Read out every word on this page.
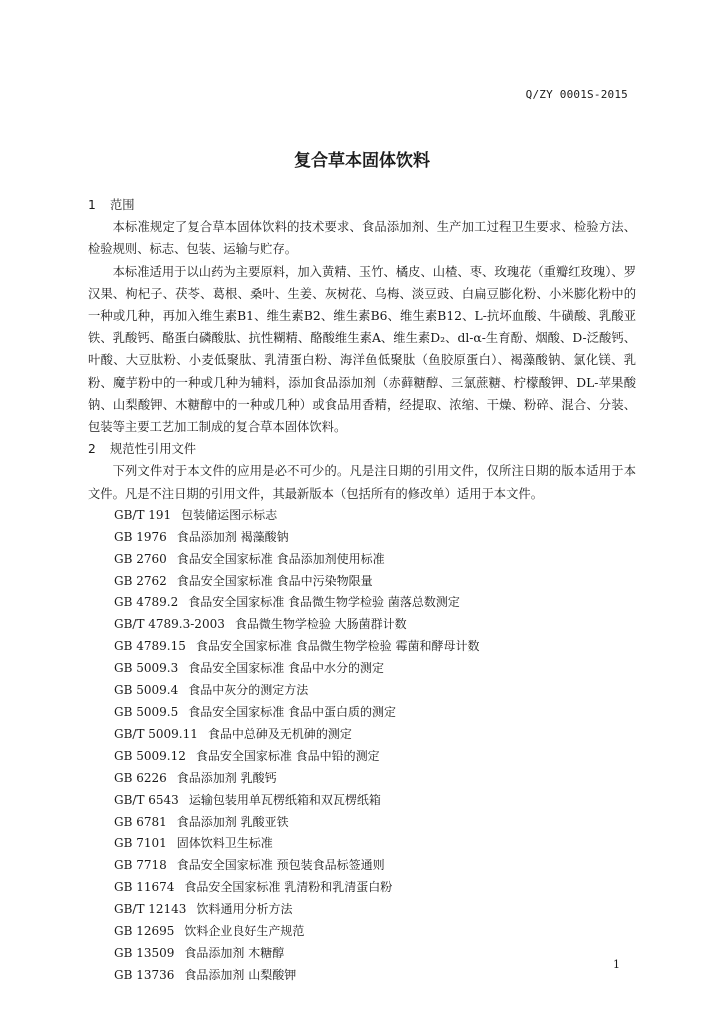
Q/ZY 0001S-2015
复合草本固体饮料
1 范围

本标准规定了复合草本固体饮料的技术要求、食品添加剂、生产加工过程卫生要求、检验方法、检验规则、标志、包装、运输与贮存。

本标准适用于以山药为主要原料，加入黄精、玉竹、橘皮、山楂、枣、玫瑰花（重瓣红玫瑰）、罗汉果、枸杞子、茯苓、葛根、桑叶、生姜、灰树花、乌梅、淡豆豉、白扁豆膨化粉、小米膨化粉中的一种或几种，再加入维生素B1、维生素B2、维生素B6、维生素B12、L-抗坏血酸、牛磺酸、乳酸亚铁、乳酸钙、酪蛋白磷酸肽、抗性糊精、酪酸维生素A、维生素D₂、dl-α-生育酚、烟酸、D-泛酸钙、叶酸、大豆肽粉、小麦低聚肽、乳清蛋白粉、海洋鱼低聚肽（鱼胶原蛋白）、褐藻酸钠、氯化镁、乳粉、魔芋粉中的一种或几种为辅料，添加食品添加剂（赤藓糖醇、三氯蔗糖、柠檬酸钾、DL-苹果酸钠、山梨酸钾、木糖醇中的一种或几种）或食品用香精，经提取、浓缩、干燥、粉碎、混合、分装、包装等主要工艺加工制成的复合草本固体饮料。

2 规范性引用文件

下列文件对于本文件的应用是必不可少的。凡是注日期的引用文件，仅所注日期的版本适用于本文件。凡是不注日期的引用文件，其最新版本（包括所有的修改单）适用于本文件。

GB/T 191 包装储运图示标志
GB 1976 食品添加剂 褐藻酸钠
GB 2760 食品安全国家标准 食品添加剂使用标准
GB 2762 食品安全国家标准 食品中污染物限量
GB 4789.2 食品安全国家标准 食品微生物学检验 菌落总数测定
GB/T 4789.3-2003 食品微生物学检验 大肠菌群计数
GB 4789.15 食品安全国家标准 食品微生物学检验 霉菌和酵母计数
GB 5009.3 食品安全国家标准 食品中水分的测定
GB 5009.4 食品中灰分的测定方法
GB 5009.5 食品安全国家标准 食品中蛋白质的测定
GB/T 5009.11 食品中总砷及无机砷的测定
GB 5009.12 食品安全国家标准 食品中铅的测定
GB 6226 食品添加剂 乳酸钙
GB/T 6543 运输包装用单瓦楞纸箱和双瓦楞纸箱
GB 6781 食品添加剂 乳酸亚铁
GB 7101 固体饮料卫生标准
GB 7718 食品安全国家标准 预包装食品标签通则
GB 11674 食品安全国家标准 乳清粉和乳清蛋白粉
GB/T 12143 饮料通用分析方法
GB 12695 饮料企业良好生产规范
GB 13509 食品添加剂 木糖醇
GB 13736 食品添加剂 山梨酸钾
1
